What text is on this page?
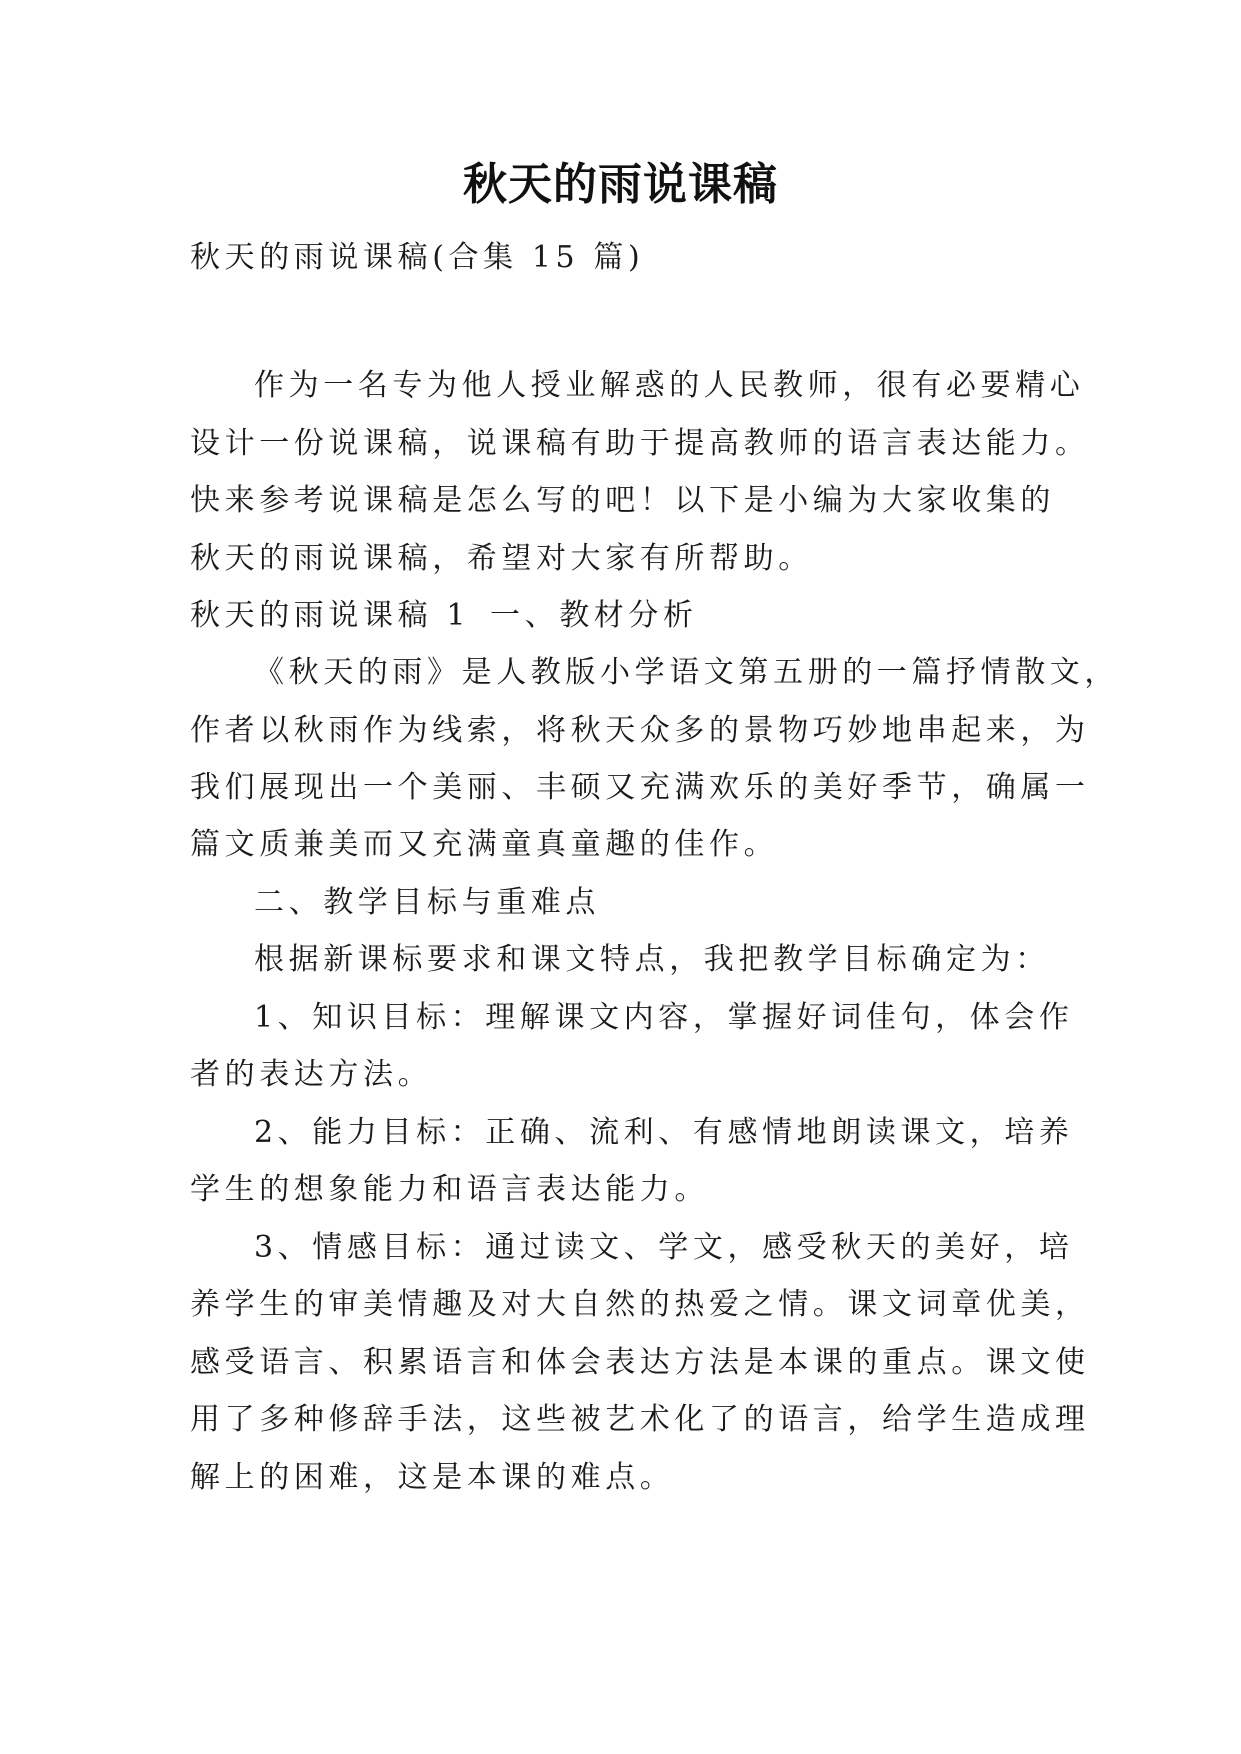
秋天的雨说课稿
秋天的雨说课稿(合集 15 篇)
作为一名专为他人授业解惑的人民教师，很有必要精心
设计一份说课稿，说课稿有助于提高教师的语言表达能力。
快来参考说课稿是怎么写的吧！以下是小编为大家收集的
秋天的雨说课稿，希望对大家有所帮助。
秋天的雨说课稿 1 一、教材分析
《秋天的雨》是人教版小学语文第五册的一篇抒情散文，
作者以秋雨作为线索，将秋天众多的景物巧妙地串起来，为
我们展现出一个美丽、丰硕又充满欢乐的美好季节，确属一
篇文质兼美而又充满童真童趣的佳作。
二、教学目标与重难点
根据新课标要求和课文特点，我把教学目标确定为：
1、知识目标：理解课文内容，掌握好词佳句，体会作
者的表达方法。
2、能力目标：正确、流利、有感情地朗读课文，培养
学生的想象能力和语言表达能力。
3、情感目标：通过读文、学文，感受秋天的美好，培
养学生的审美情趣及对大自然的热爱之情。课文词章优美，
感受语言、积累语言和体会表达方法是本课的重点。课文使
用了多种修辞手法，这些被艺术化了的语言，给学生造成理
解上的困难，这是本课的难点。
